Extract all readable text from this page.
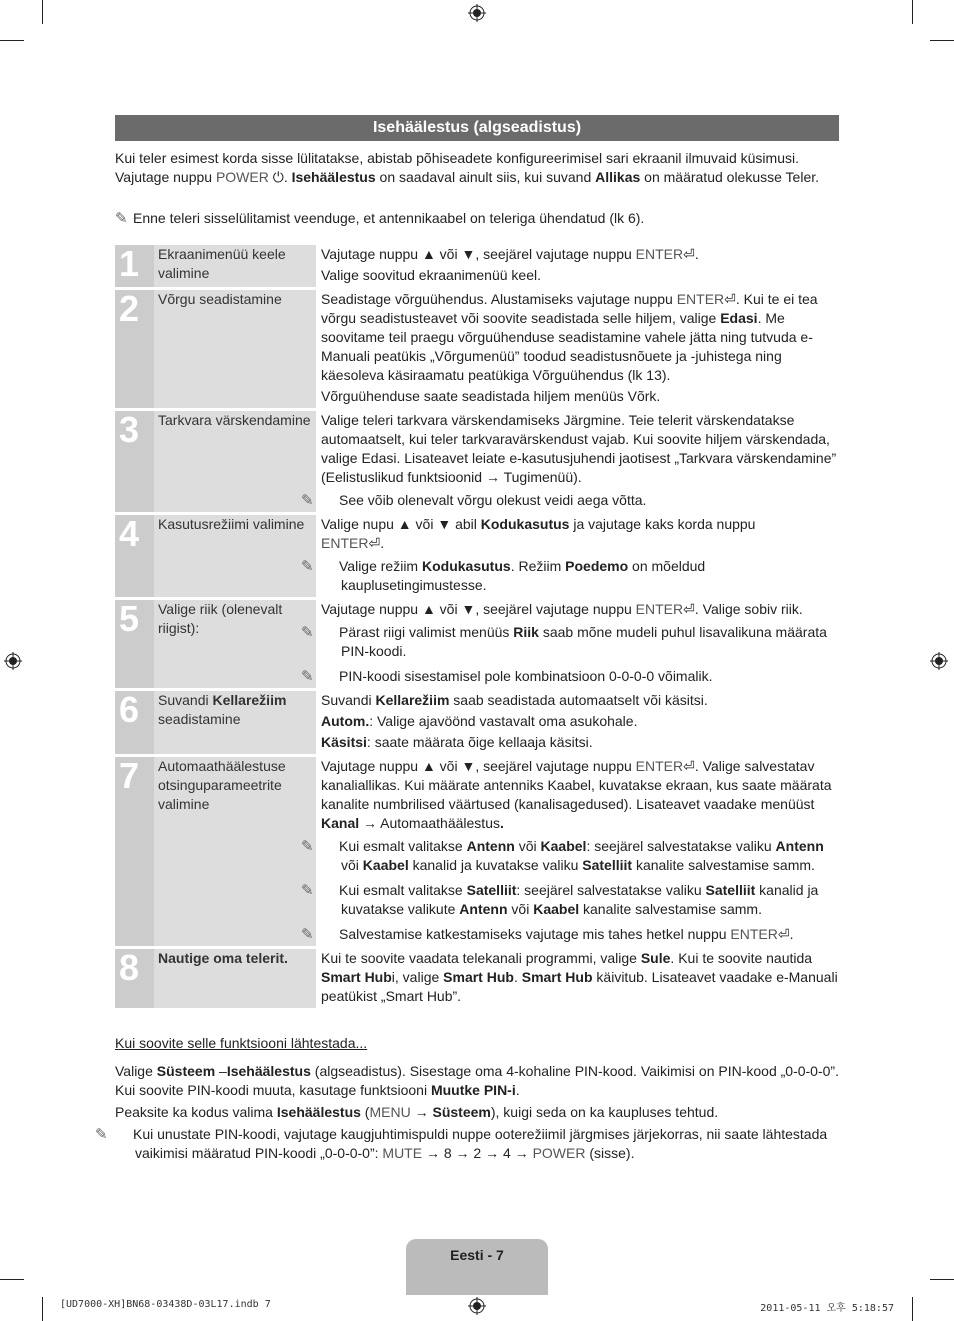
Isehäälestus (algseadistus)

Kui teler esimest korda sisse lülitatakse, abistab põhiseadete konfigureerimisel sari ekraanil ilmuvaid küsimusi. Vajutage nuppu POWER ⏻. Isehäälestus on saadaval ainult siis, kui suvand Allikas on määratud olekusse Teler.

✎ Enne teleri sisselülitamist veenduge, et antennikaabel on teleriga ühendatud (lk 6).
1	Ekraanimenüü keele valimine	Vajutage nuppu ▲ või ▼, seejärel vajutage nuppu ENTER⏎.

Valige soovitud ekraanimenüü keel.

2	Võrgu seadistamine	Seadistage võrguühendus. Alustamiseks vajutage nuppu ENTER⏎. Kui te ei tea võrgu seadistusteavet või soovite seadistada selle hiljem, valige Edasi. Me soovitame teil praegu võrguühenduse seadistamine vahele jätta ning tutvuda e-Manuali peatükis „Võrgumenüü” toodud seadistusnõuete ja -juhistega ning käesoleva käsiraamatu peatükiga Võrguühendus (lk 13).

Võrguühenduse saate seadistada hiljem menüüs Võrk.

3	Tarkvara värskendamine	Valige teleri tarkvara värskendamiseks Järgmine. Teie telerit värskendatakse automaatselt, kui teler tarkvaravärskendust vajab. Kui soovite hiljem värskendada, valige Edasi. Lisateavet leiate e-kasutusjuhendi jaotisest „Tarkvara värskendamine” (Eelistuslikud funktsioonid → Tugimenüü).

✎ See võib olenevalt võrgu olekust veidi aega võtta.

4	Kasutusrežiimi valimine	Valige nupu ▲ või ▼ abil Kodukasutus ja vajutage kaks korda nuppu
ENTER⏎.

✎ Valige režiim Kodukasutus. Režiim Poedemo on mõeldud kauplusetingimustesse.

5	Valige riik (olenevalt riigist):	Vajutage nuppu ▲ või ▼, seejärel vajutage nuppu ENTER⏎. Valige sobiv riik.

✎ Pärast riigi valimist menüüs Riik saab mõne mudeli puhul lisavalikuna määrata PIN-koodi.

✎ PIN-koodi sisestamisel pole kombinatsioon 0-0-0-0 võimalik.

6	Suvandi Kellarežiim seadistamine	Suvandi Kellarežiim saab seadistada automaatselt või käsitsi.

Autom.: Valige ajavöönd vastavalt oma asukohale.

Käsitsi: saate määrata õige kellaaja käsitsi.

7	Automaathäälestuse otsinguparameetrite valimine	Vajutage nuppu ▲ või ▼, seejärel vajutage nuppu ENTER⏎. Valige salvestatav kanaliallikas. Kui määrate antenniks Kaabel, kuvatakse ekraan, kus saate määrata kanalite numbrilised väärtused (kanalisagedused). Lisateavet vaadake menüüst Kanal → Automaathäälestus.

✎ Kui esmalt valitakse Antenn või Kaabel: seejärel salvestatakse valiku Antenn või Kaabel kanalid ja kuvatakse valiku Satelliit kanalite salvestamise samm.

✎ Kui esmalt valitakse Satelliit: seejärel salvestatakse valiku Satelliit kanalid ja kuvatakse valikute Antenn või Kaabel kanalite salvestamise samm.

✎ Salvestamise katkestamiseks vajutage mis tahes hetkel nuppu ENTER⏎.

8	Nautige oma telerit.	Kui te soovite vaadata telekanali programmi, valige Sule. Kui te soovite nautida Smart Hubi, valige Smart Hub. Smart Hub käivitub. Lisateavet vaadake e-Manuali peatükist „Smart Hub”.

Kui soovite selle funktsiooni lähtestada...

Valige Süsteem –Isehäälestus (algseadistus). Sisestage oma 4-kohaline PIN-kood. Vaikimisi on PIN-kood „0-0-0-0”. Kui soovite PIN-koodi muuta, kasutage funktsiooni Muutke PIN-i.

Peaksite ka kodus valima Isehäälestus (MENU → Süsteem), kuigi seda on ka kaupluses tehtud.

✎ Kui unustate PIN-koodi, vajutage kaugjuhtimispuldi nuppe ooterežiimil järgmises järjekorras, nii saate lähtestada vaikimisi määratud PIN-koodi „0-0-0-0”: MUTE → 8 → 2 → 4 → POWER (sisse).

Eesti - 7
[UD7000-XH]BN68-03438D-03L17.indb 7	2011-05-11 오후 5:18:57
